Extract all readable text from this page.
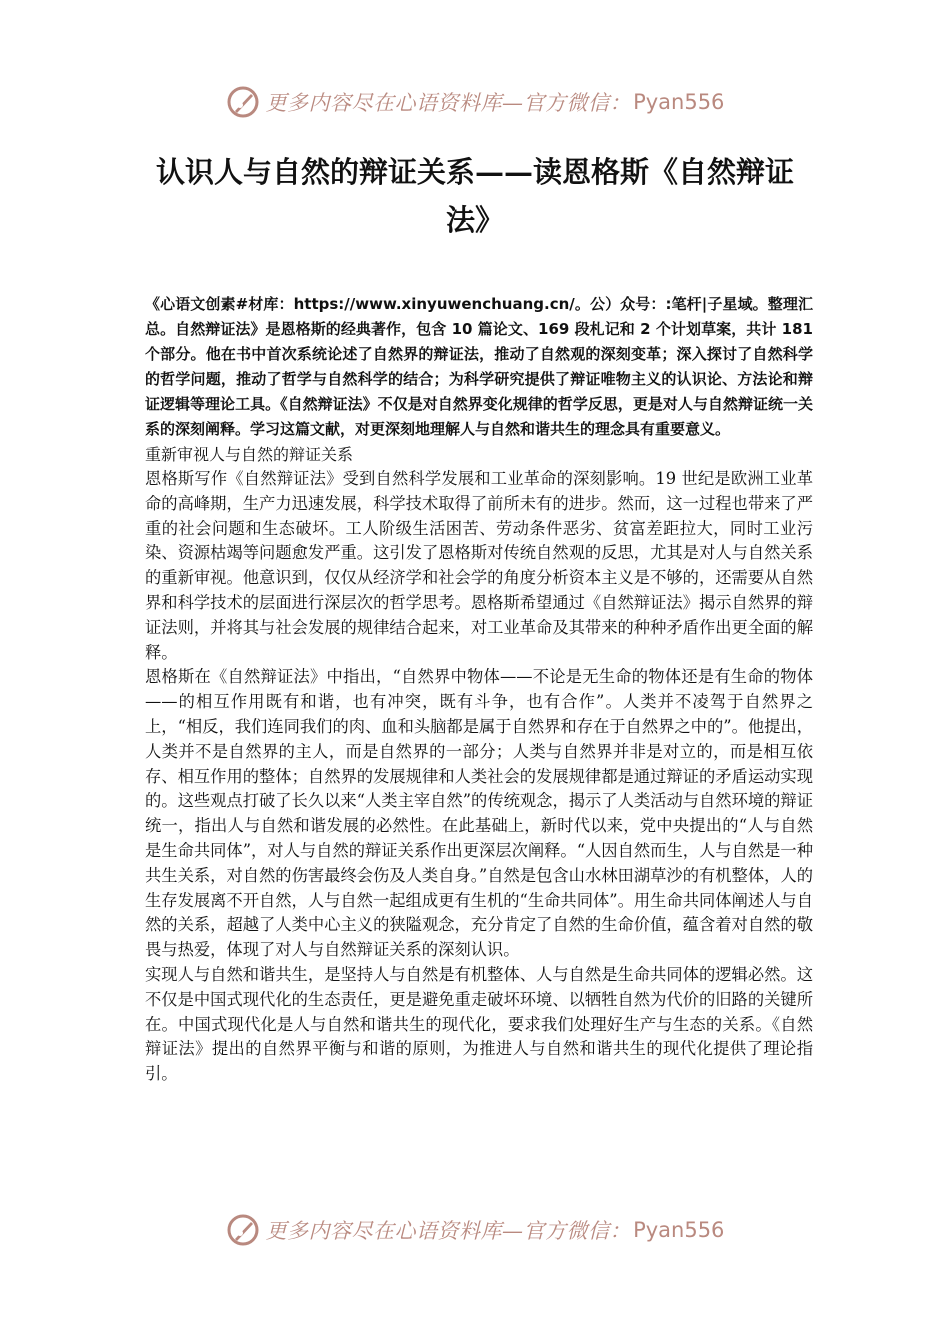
更多内容尽在心语资料库—官方微信： Pyan556
认识人与自然的辩证关系——读恩格斯《自然辩证法》

《心语文创素#材库：https://www.xinyuwenchuang.cn/。公）众号：:笔杆|子星域。整理汇总。自然辩证法》是恩格斯的经典著作，包含 10 篇论文、169 段札记和 2 个计划草案，共计 181 个部分。他在书中首次系统论述了自然界的辩证法，推动了自然观的深刻变革；深入探讨了自然科学的哲学问题，推动了哲学与自然科学的结合；为科学研究提供了辩证唯物主义的认识论、方法论和辩证逻辑等理论工具。《自然辩证法》不仅是对自然界变化规律的哲学反思，更是对人与自然辩证统一关系的深刻阐释。学习这篇文献，对更深刻地理解人与自然和谐共生的理念具有重要意义。

重新审视人与自然的辩证关系

恩格斯写作《自然辩证法》受到自然科学发展和工业革命的深刻影响。19 世纪是欧洲工业革命的高峰期，生产力迅速发展，科学技术取得了前所未有的进步。然而，这一过程也带来了严重的社会问题和生态破坏。工人阶级生活困苦、劳动条件恶劣、贫富差距拉大，同时工业污染、资源枯竭等问题愈发严重。这引发了恩格斯对传统自然观的反思，尤其是对人与自然关系的重新审视。他意识到，仅仅从经济学和社会学的角度分析资本主义是不够的，还需要从自然界和科学技术的层面进行深层次的哲学思考。恩格斯希望通过《自然辩证法》揭示自然界的辩证法则，并将其与社会发展的规律结合起来，对工业革命及其带来的种种矛盾作出更全面的解释。

恩格斯在《自然辩证法》中指出，“自然界中物体——不论是无生命的物体还是有生命的物体——的相互作用既有和谐，也有冲突，既有斗争，也有合作”。人类并不凌驾于自然界之上，“相反，我们连同我们的肉、血和头脑都是属于自然界和存在于自然界之中的”。他提出，人类并不是自然界的主人，而是自然界的一部分；人类与自然界并非是对立的，而是相互依存、相互作用的整体；自然界的发展规律和人类社会的发展规律都是通过辩证的矛盾运动实现的。这些观点打破了长久以来“人类主宰自然”的传统观念，揭示了人类活动与自然环境的辩证统一，指出人与自然和谐发展的必然性。在此基础上，新时代以来，党中央提出的“人与自然是生命共同体”，对人与自然的辩证关系作出更深层次阐释。“人因自然而生，人与自然是一种共生关系，对自然的伤害最终会伤及人类自身。”自然是包含山水林田湖草沙的有机整体，人的生存发展离不开自然，人与自然一起组成更有生机的“生命共同体”。用生命共同体阐述人与自然的关系，超越了人类中心主义的狭隘观念，充分肯定了自然的生命价值，蕴含着对自然的敬畏与热爱，体现了对人与自然辩证关系的深刻认识。

实现人与自然和谐共生，是坚持人与自然是有机整体、人与自然是生命共同体的逻辑必然。这不仅是中国式现代化的生态责任，更是避免重走破坏环境、以牺牲自然为代价的旧路的关键所在。中国式现代化是人与自然和谐共生的现代化，要求我们处理好生产与生态的关系。《自然辩证法》提出的自然界平衡与和谐的原则，为推进人与自然和谐共生的现代化提供了理论指引。

更多内容尽在心语资料库—官方微信： Pyan556
